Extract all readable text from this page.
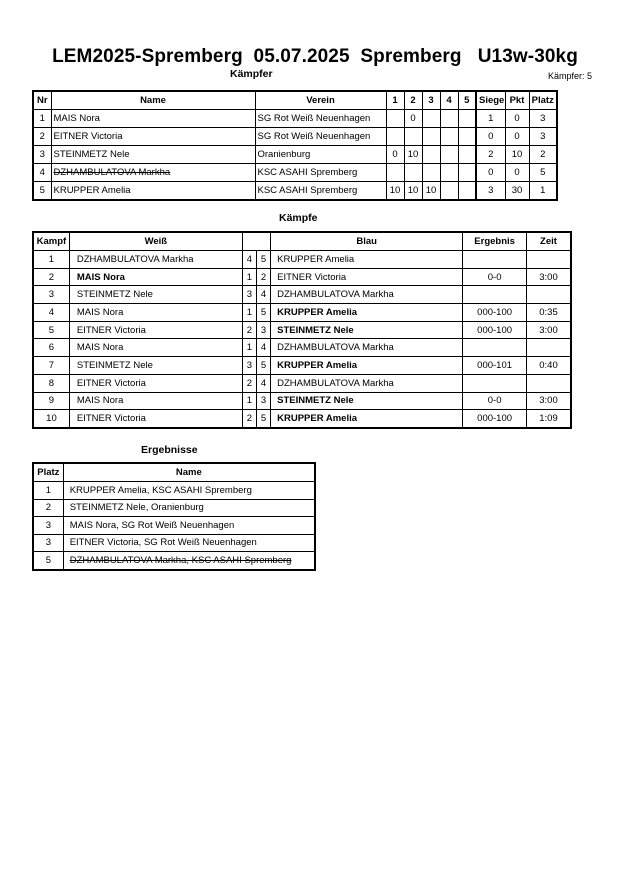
LEM2025-Spremberg  05.07.2025  Spremberg   U13w-30kg
Kämpfer	Kämpfer: 5
Nr	Name	Verein	1	2	3	4	5	Siege	Pkt	Platz
1	MAIS Nora	SG Rot Weiß Neuenhagen		0				1	0	3
2	EITNER Victoria	SG Rot Weiß Neuenhagen						0	0	3
3	STEINMETZ Nele	Oranienburg	0	10				2	10	2
4	DZHAMBULATOVA Markha	KSC ASAHI Spremberg						0	0	5
5	KRUPPER Amelia	KSC ASAHI Spremberg	10	10	10			3	30	1
Kämpfe
Kampf	Weiß			Blau	Ergebnis	Zeit
1	DZHAMBULATOVA Markha	4	5	KRUPPER Amelia		
2	MAIS Nora	1	2	EITNER Victoria	0-0	3:00
3	STEINMETZ Nele	3	4	DZHAMBULATOVA Markha		
4	MAIS Nora	1	5	KRUPPER Amelia	000-100	0:35
5	EITNER Victoria	2	3	STEINMETZ Nele	000-100	3:00
6	MAIS Nora	1	4	DZHAMBULATOVA Markha		
7	STEINMETZ Nele	3	5	KRUPPER Amelia	000-101	0:40
8	EITNER Victoria	2	4	DZHAMBULATOVA Markha		
9	MAIS Nora	1	3	STEINMETZ Nele	0-0	3:00
10	EITNER Victoria	2	5	KRUPPER Amelia	000-100	1:09
Ergebnisse
Platz	Name
1	KRUPPER Amelia, KSC ASAHI Spremberg
2	STEINMETZ Nele, Oranienburg
3	MAIS Nora, SG Rot Weiß Neuenhagen
3	EITNER Victoria, SG Rot Weiß Neuenhagen
5	DZHAMBULATOVA Markha, KSC ASAHI Spremberg
